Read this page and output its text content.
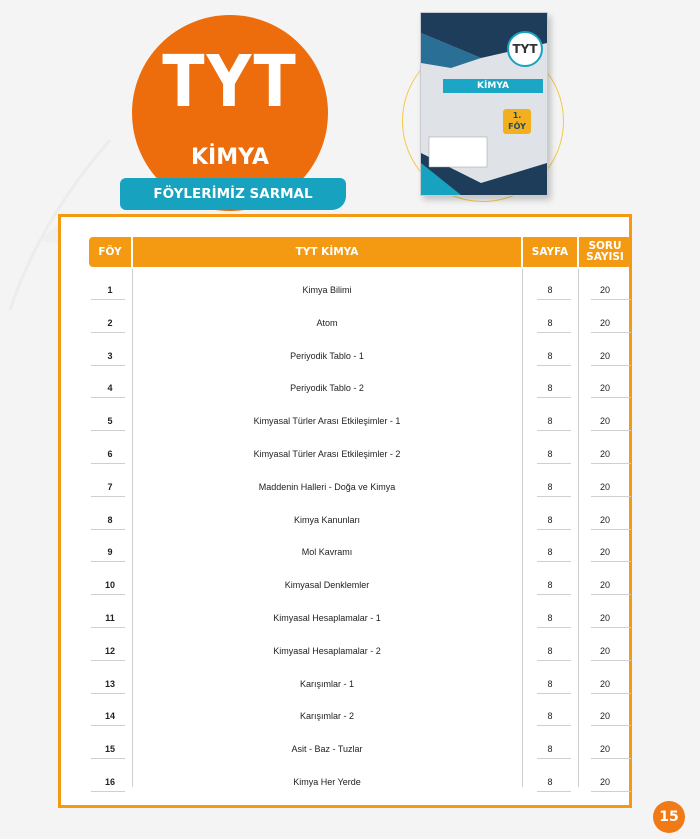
TYT
KİMYA
FÖYLERİMİZ SARMAL
TYT
KİMYA
1.
FÖY
FÖY	TYT KİMYA	SAYFA	SORU SAYISI
1	Kimya Bilimi	8	20
2	Atom	8	20
3	Periyodik Tablo - 1	8	20
4	Periyodik Tablo - 2	8	20
5	Kimyasal Türler Arası Etkileşimler - 1	8	20
6	Kimyasal Türler Arası Etkileşimler - 2	8	20
7	Maddenin Halleri - Doğa ve Kimya	8	20
8	Kimya Kanunları	8	20
9	Mol Kavramı	8	20
10	Kimyasal Denklemler	8	20
11	Kimyasal Hesaplamalar - 1	8	20
12	Kimyasal Hesaplamalar - 2	8	20
13	Karışımlar - 1	8	20
14	Karışımlar - 2	8	20
15	Asit - Baz - Tuzlar	8	20
16	Kimya Her Yerde	8	20
15
